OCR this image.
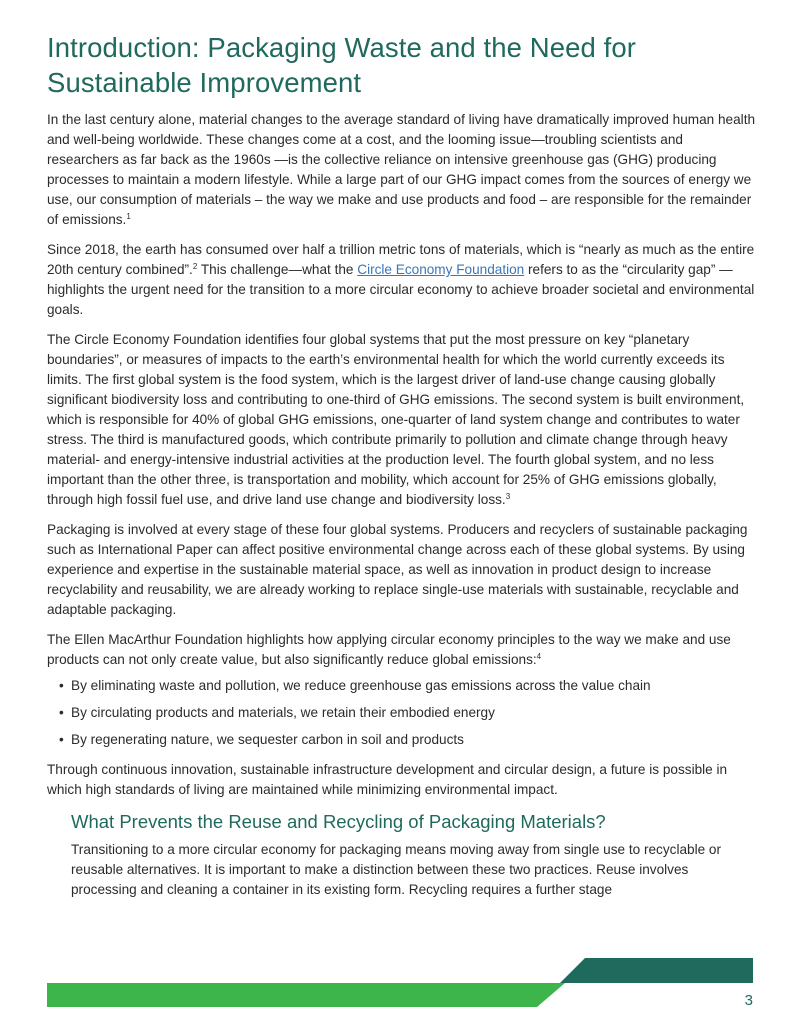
Introduction: Packaging Waste and the Need for Sustainable Improvement

In the last century alone, material changes to the average standard of living have dramatically improved human health and well-being worldwide. These changes come at a cost, and the looming issue—troubling scientists and researchers as far back as the 1960s —is the collective reliance on intensive greenhouse gas (GHG) producing processes to maintain a modern lifestyle. While a large part of our GHG impact comes from the sources of energy we use, our consumption of materials – the way we make and use products and food – are responsible for the remainder of emissions.$^1$

Since 2018, the earth has consumed over half a trillion metric tons of materials, which is “nearly as much as the entire 20th century combined”.$^2$ This challenge—what the Circle Economy Foundation refers to as the “circularity gap” — highlights the urgent need for the transition to a more circular economy to achieve broader societal and environmental goals.

The Circle Economy Foundation identifies four global systems that put the most pressure on key “planetary boundaries”, or measures of impacts to the earth’s environmental health for which the world currently exceeds its limits. The first global system is the food system, which is the largest driver of land-use change causing globally significant biodiversity loss and contributing to one-third of GHG emissions. The second system is built environment, which is responsible for 40% of global GHG emissions, one-quarter of land system change and contributes to water stress. The third is manufactured goods, which contribute primarily to pollution and climate change through heavy material- and energy-intensive industrial activities at the production level. The fourth global system, and no less important than the other three, is transportation and mobility, which account for 25% of GHG emissions globally, through high fossil fuel use, and drive land use change and biodiversity loss.$^3$

Packaging is involved at every stage of these four global systems. Producers and recyclers of sustainable packaging such as International Paper can affect positive environmental change across each of these global systems. By using experience and expertise in the sustainable material space, as well as innovation in product design to increase recyclability and reusability, we are already working to replace single-use materials with sustainable, recyclable and
adaptable packaging.

The Ellen MacArthur Foundation highlights how applying circular economy principles to the way we make and use products can not only create value, but also significantly reduce global emissions:$^4$

• By eliminating waste and pollution, we reduce greenhouse gas emissions across the value chain
• By circulating products and materials, we retain their embodied energy
• By regenerating nature, we sequester carbon in soil and products

Through continuous innovation, sustainable infrastructure development and circular design, a future is possible in which high standards of living are maintained while minimizing environmental impact.

What Prevents the Reuse and Recycling of Packaging Materials?

Transitioning to a more circular economy for packaging means moving away from single use to recyclable or reusable alternatives. It is important to make a distinction between these two practices. Reuse involves processing and cleaning a container in its existing form. Recycling requires a further stage

3
